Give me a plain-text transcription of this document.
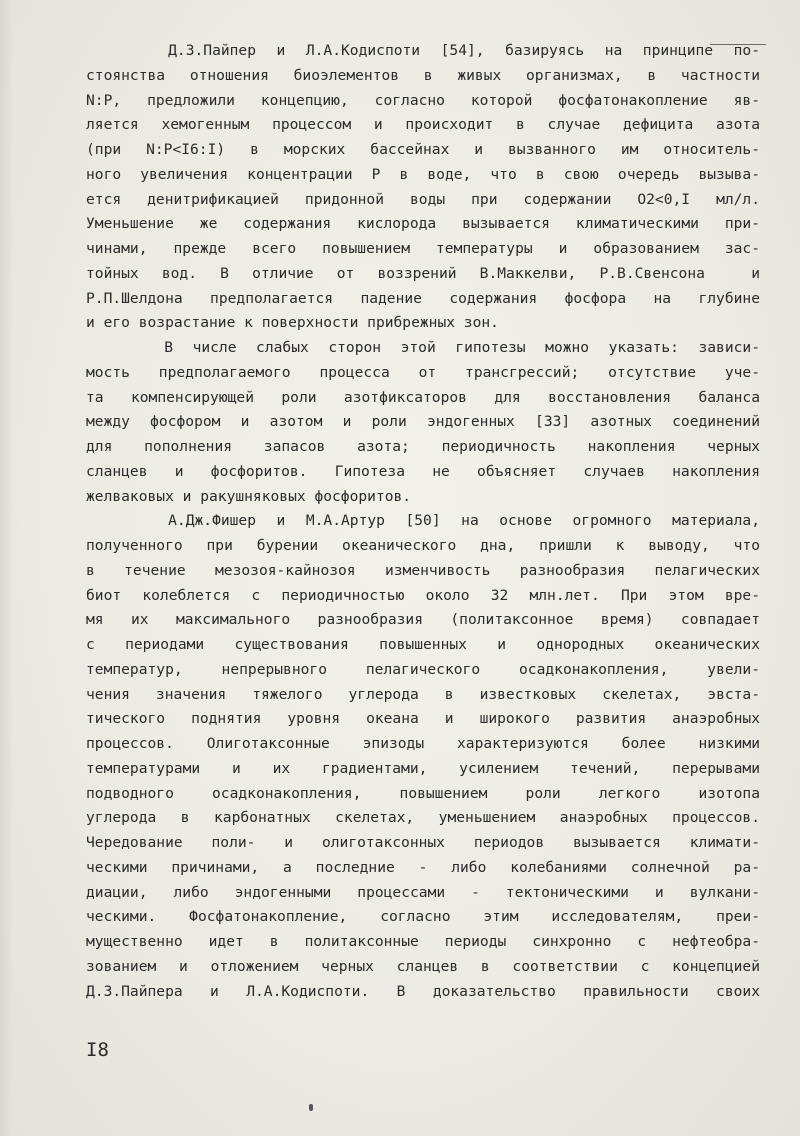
Д.З.Пайпер и Л.А.Кодиспоти [54], базируясь на принципе по-
стоянства отношения биоэлементов в живых организмах, в частности
N:P, предложили концепцию, согласно которой фосфатонакопление яв-
ляется хемогенным процессом и происходит в случае дефицита азота
(при N:P<I6:I) в морских бассейнах и вызванного им относитель-
ного увеличения концентрации P в воде, что в свою очередь вызыва-
ется денитрификацией придонной воды при содержании O2<0,I мл/л.
Уменьшение же содержания кислорода вызывается климатическими при-
чинами, прежде всего повышением температуры и образованием зас-
тойных вод. В отличие от воззрений В.Маккелви, Р.В.Свенсона  и
Р.П.Шелдона предполагается падение содержания фосфора на глубине
и его возрастание к поверхности прибрежных зон.
В числе слабых сторон этой гипотезы можно указать: зависи-
мость предполагаемого процесса от трансгрессий; отсутствие уче-
та компенсирующей роли азотфиксаторов для восстановления баланса
между фосфором и азотом и роли эндогенных [33] азотных соединений
для пополнения запасов азота; периодичность накопления черных
сланцев и фосфоритов. Гипотеза не объясняет случаев накопления
желваковых и ракушняковых фосфоритов.
А.Дж.Фишер и М.А.Артур [50] на основе огромного материала,
полученного при бурении океанического дна, пришли к выводу, что
в течение мезозоя-кайнозоя изменчивость разнообразия пелагических
биот колеблется с периодичностью около 32 млн.лет. При этом вре-
мя их максимального разнообразия (политаксонное время) совпадает
с периодами существования повышенных и однородных океанических
температур, непрерывного пелагического осадконакопления, увели-
чения значения тяжелого углерода в известковых скелетах, эвста-
тического поднятия уровня океана и широкого развития анаэробных
процессов. Олиготаксонные эпизоды характеризуются более низкими
температурами и их градиентами, усилением течений, перерывами
подводного осадконакопления, повышением роли легкого изотопа
углерода в карбонатных скелетах, уменьшением анаэробных процессов.
Чередование поли- и олиготаксонных периодов вызывается климати-
ческими причинами, а последние - либо колебаниями солнечной ра-
диации, либо эндогенными процессами - тектоническими и вулкани-
ческими. Фосфатонакопление, согласно этим исследователям, преи-
мущественно идет в политаксонные периоды синхронно с нефтеобра-
зованием и отложением черных сланцев в соответствии с концепцией
Д.З.Пайпера и Л.А.Кодиспоти. В доказательство правильности своих
I8
